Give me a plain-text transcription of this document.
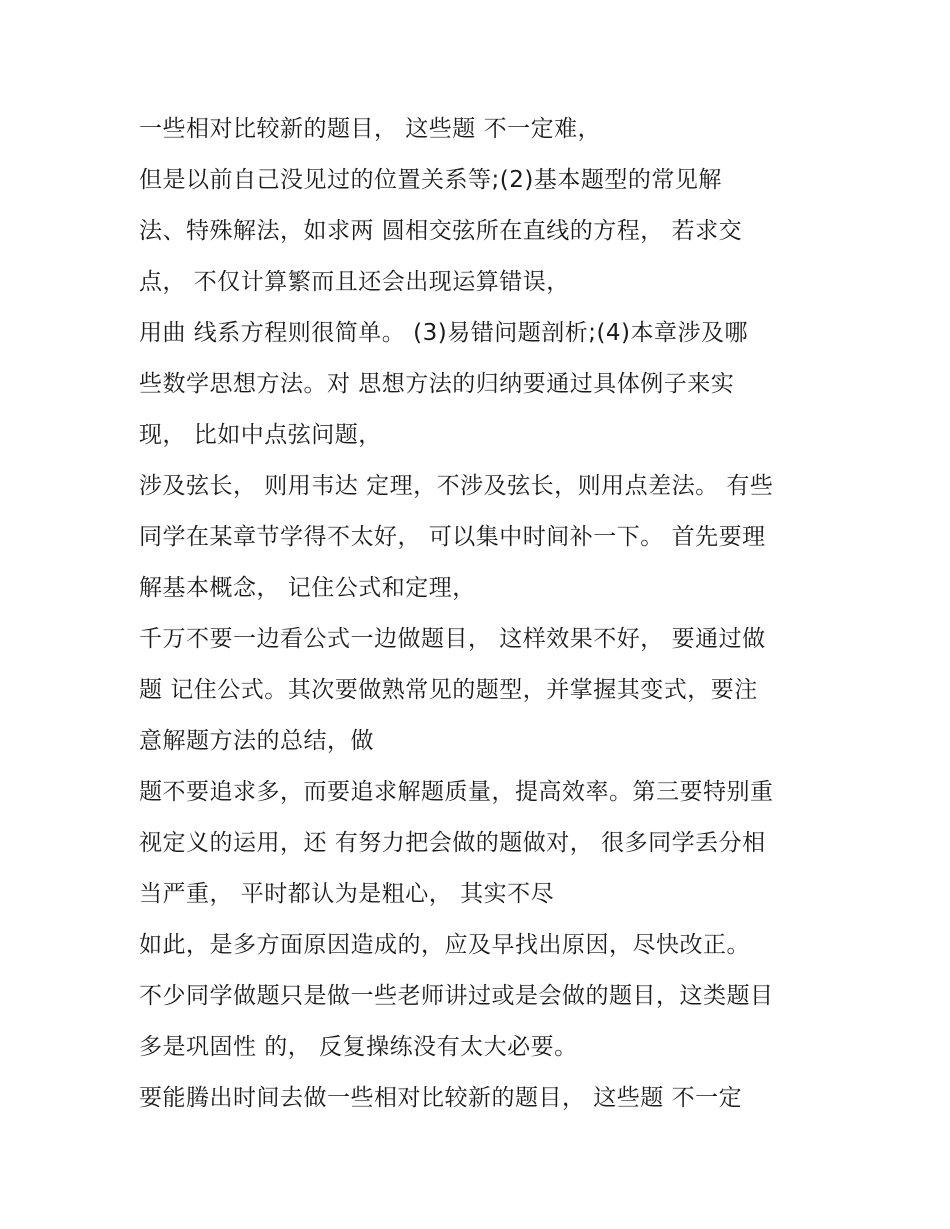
一些相对比较新的题目， 这些题 不一定难，
但是以前自己没见过的位置关系等;(2)基本题型的常见解
法、特殊解法，如求两 圆相交弦所在直线的方程， 若求交
点， 不仅计算繁而且还会出现运算错误，
用曲 线系方程则很简单。 (3)易错问题剖析;(4)本章涉及哪
些数学思想方法。对 思想方法的归纳要通过具体例子来实
现， 比如中点弦问题，
涉及弦长， 则用韦达 定理，不涉及弦长，则用点差法。 有些
同学在某章节学得不太好， 可以集中时间补一下。 首先要理
解基本概念， 记住公式和定理，
千万不要一边看公式一边做题目， 这样效果不好， 要通过做
题 记住公式。其次要做熟常见的题型，并掌握其变式，要注
意解题方法的总结，做
题不要追求多，而要追求解题质量，提高效率。第三要特别重
视定义的运用，还 有努力把会做的题做对， 很多同学丢分相
当严重， 平时都认为是粗心， 其实不尽
如此，是多方面原因造成的，应及早找出原因，尽快改正。
不少同学做题只是做一些老师讲过或是会做的题目，这类题目
多是巩固性 的， 反复操练没有太大必要。
要能腾出时间去做一些相对比较新的题目， 这些题 不一定
